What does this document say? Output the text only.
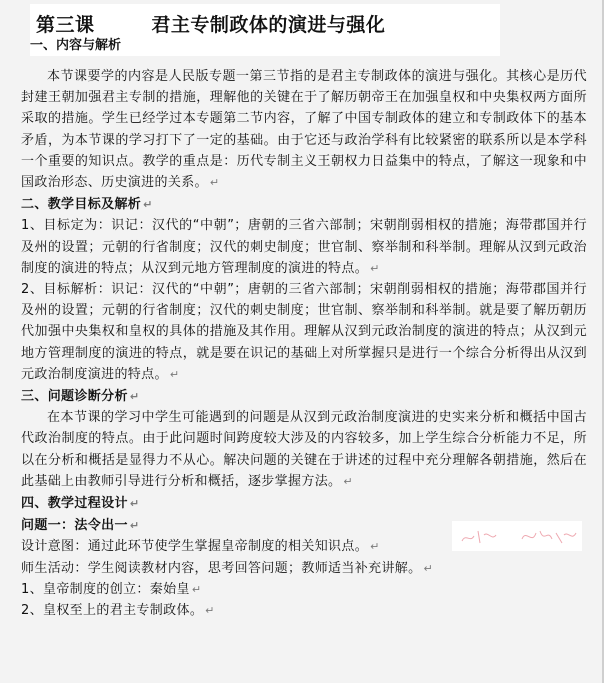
第三课        君主专制政体的演进与强化
一、内容与解析

本节课要学的内容是人民版专题一第三节指的是君主专制政体的演进与强化。其核心是历代封建王朝加强君主专制的措施，理解他的关键在于了解历朝帝王在加强皇权和中央集权两方面所采取的措施。学生已经学过本专题第二节内容，了解了中国专制政体的建立和专制政体下的基本矛盾，为本节课的学习打下了一定的基础。由于它还与政治学科有比较紧密的联系所以是本学科一个重要的知识点。教学的重点是：历代专制主义王朝权力日益集中的特点，了解这一现象和中国政治形态、历史演进的关系。 ↵

二、教学目标及解析 ↵

1、目标定为：识记：汉代的“中朝”；唐朝的三省六部制；宋朝削弱相权的措施；海带郡国并行及州的设置；元朝的行省制度；汉代的刺史制度；世官制、察举制和科举制。理解从汉到元政治制度的演进的特点；从汉到元地方管理制度的演进的特点。 ↵

2、目标解析：识记：汉代的“中朝”；唐朝的三省六部制；宋朝削弱相权的措施；海带郡国并行及州的设置；元朝的行省制度；汉代的刺史制度；世官制、察举制和科举制。就是要了解历朝历代加强中央集权和皇权的具体的措施及其作用。理解从汉到元政治制度的演进的特点；从汉到元地方管理制度的演进的特点，就是要在识记的基础上对所掌握只是进行一个综合分析得出从汉到元政治制度演进的特点。 ↵

三、问题诊断分析 ↵

在本节课的学习中学生可能遇到的问题是从汉到元政治制度演进的史实来分析和概括中国古代政治制度的特点。由于此问题时间跨度较大涉及的内容较多，加上学生综合分析能力不足，所以在分析和概括是显得力不从心。解决问题的关键在于讲述的过程中充分理解各朝措施，然后在此基础上由教师引导进行分析和概括，逐步掌握方法。 ↵

四、教学过程设计 ↵

问题一：法令出一 ↵

设计意图：通过此环节使学生掌握皇帝制度的相关知识点。 ↵

师生活动：学生阅读教材内容，思考回答问题；教师适当补充讲解。 ↵

1、皇帝制度的创立：秦始皇 ↵

2、皇权至上的君主专制政体。 ↵
